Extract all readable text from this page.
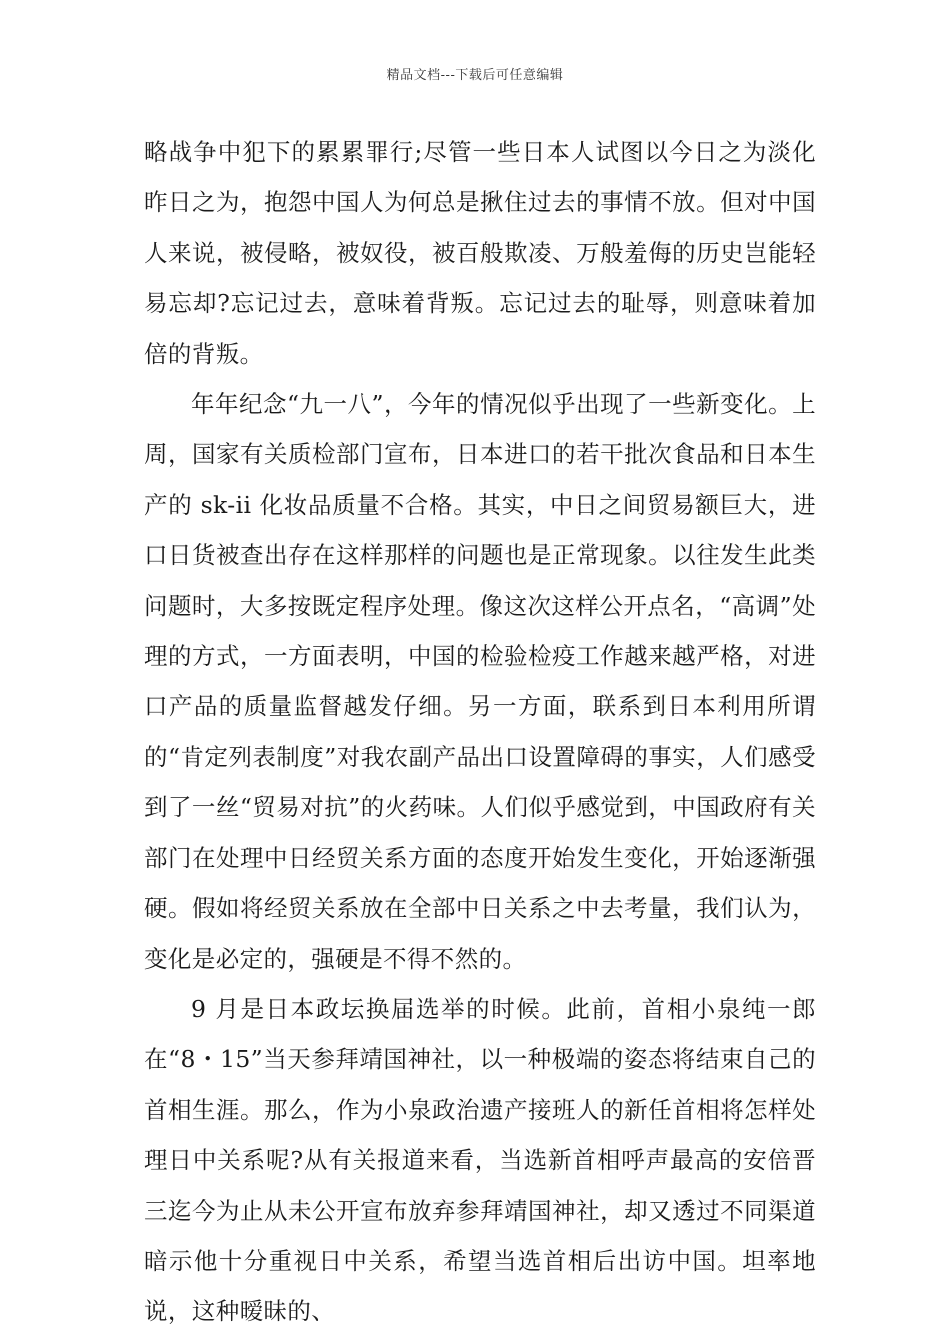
精品文档---下载后可任意编辑

略战争中犯下的累累罪行;尽管一些日本人试图以今日之为淡化昨日之为，抱怨中国人为何总是揪住过去的事情不放。但对中国人来说，被侵略，被奴役，被百般欺凌、万般羞侮的历史岂能轻易忘却?忘记过去，意味着背叛。忘记过去的耻辱，则意味着加倍的背叛。

年年纪念“九一八”，今年的情况似乎出现了一些新变化。上周，国家有关质检部门宣布，日本进口的若干批次食品和日本生产的 sk-ii 化妆品质量不合格。其实，中日之间贸易额巨大，进口日货被查出存在这样那样的问题也是正常现象。以往发生此类问题时，大多按既定程序处理。像这次这样公开点名，“高调”处理的方式，一方面表明，中国的检验检疫工作越来越严格，对进口产品的质量监督越发仔细。另一方面，联系到日本利用所谓的“肯定列表制度”对我农副产品出口设置障碍的事实，人们感受到了一丝“贸易对抗”的火药味。人们似乎感觉到，中国政府有关部门在处理中日经贸关系方面的态度开始发生变化，开始逐渐强硬。假如将经贸关系放在全部中日关系之中去考量，我们认为，变化是必定的，强硬是不得不然的。

9 月是日本政坛换届选举的时候。此前，首相小泉纯一郎在“8・15”当天参拜靖国神社，以一种极端的姿态将结束自己的首相生涯。那么，作为小泉政治遗产接班人的新任首相将怎样处理日中关系呢?从有关报道来看，当选新首相呼声最高的安倍晋三迄今为止从未公开宣布放弃参拜靖国神社，却又透过不同渠道暗示他十分重视日中关系，希望当选首相后出访中国。坦率地说，这种暧昧的、
